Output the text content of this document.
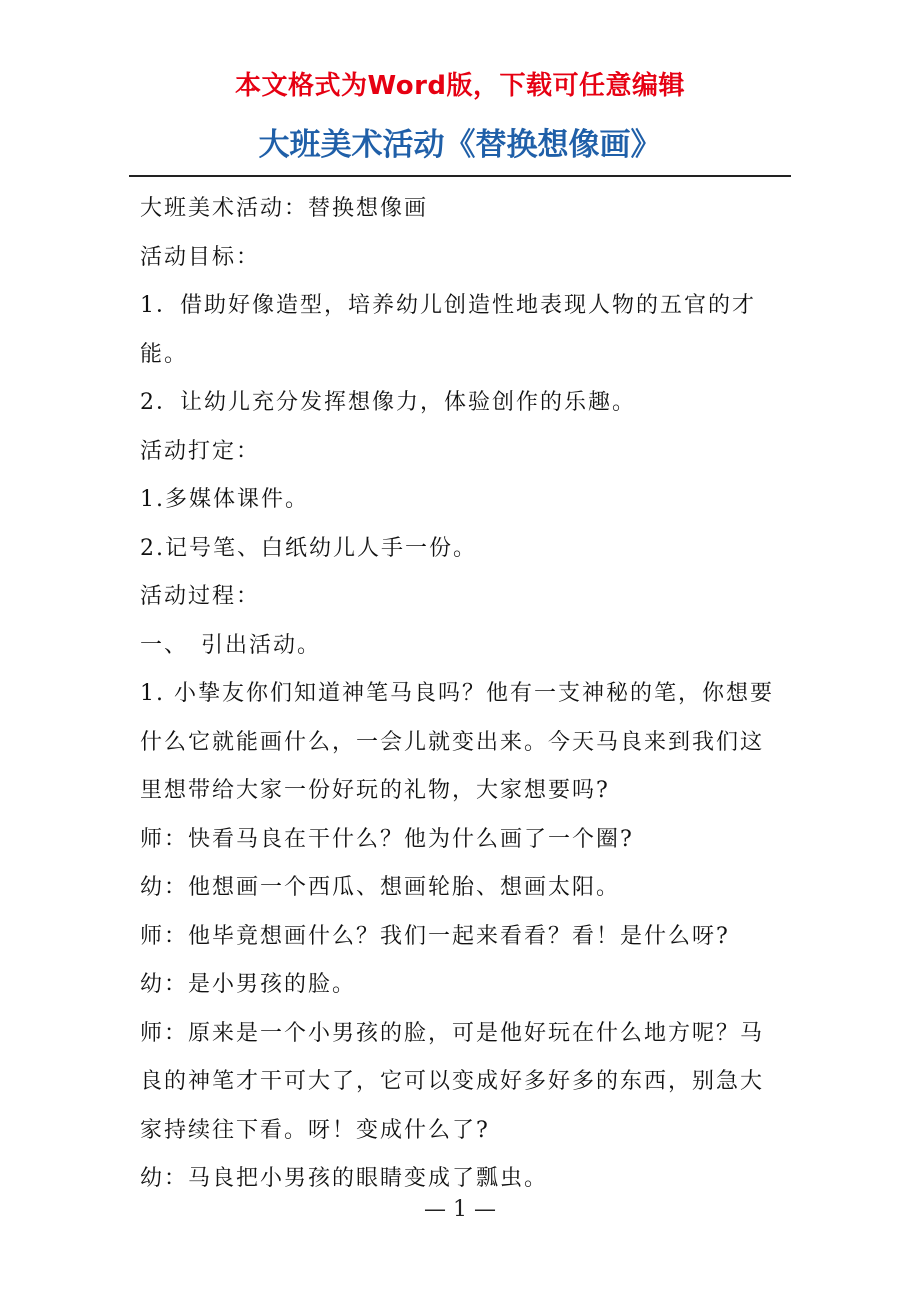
本文格式为Word版，下载可任意编辑
大班美术活动《替换想像画》

大班美术活动：替换想像画

活动目标：

1．借助好像造型，培养幼儿创造性地表现人物的五官的才能。

2．让幼儿充分发挥想像力，体验创作的乐趣。

活动打定：

1.多媒体课件。

2.记号笔、白纸幼儿人手一份。

活动过程：

一、　引出活动。

1. 小挚友你们知道神笔马良吗？他有一支神秘的笔，你想要什么它就能画什么，一会儿就变出来。今天马良来到我们这里想带给大家一份好玩的礼物，大家想要吗?

师：快看马良在干什么？他为什么画了一个圈?

幼：他想画一个西瓜、想画轮胎、想画太阳。

师：他毕竟想画什么？我们一起来看看？看！是什么呀?

幼：是小男孩的脸。

师：原来是一个小男孩的脸，可是他好玩在什么地方呢？马良的神笔才干可大了，它可以变成好多好多的东西，别急大家持续往下看。呀！变成什么了?

幼：马良把小男孩的眼睛变成了瓢虫。

— 1 —
